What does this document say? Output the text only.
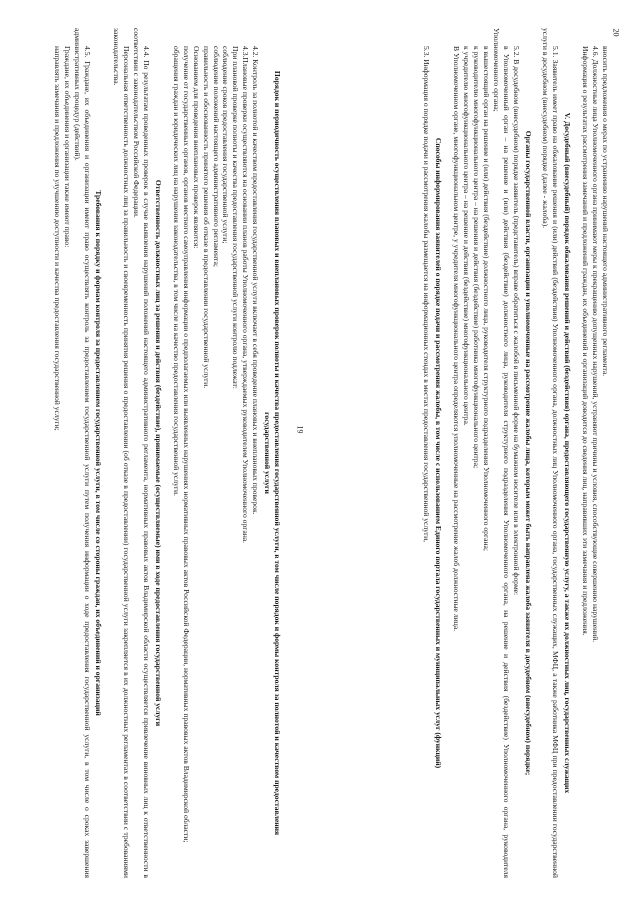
19
Порядок и периодичность осуществления плановых и внеплановых проверок полноты и качества предоставления государственной услуги, в том числе порядок и формы контроля за полнотой и качеством предоставления государственной услуги
4.2. Контроль за полнотой и качеством предоставления государственной услуги включает в себя проведение плановых и внеплановых проверок.
4.3.Плановые проверки осуществляются на основании планов работы Уполномоченного органа, утверждаемых руководителем Уполномоченного органа.
При плановой проверке полноты и качества предоставления государственной услуги контролю подлежат:
соблюдение сроков предоставления государственной услуги;
соблюдение положений настоящего административного регламента;
правильность и обоснованность принятого решения об отказе в предоставлении государственной услуги.
Основанием для проведения внеплановых проверок являются:
получение от государственных органов, органов местного самоуправления информации о предполагаемых или выявленных нарушениях нормативных правовых актов Российской Федерации, нормативных правовых актов Владимирской области;
обращения граждан и юридических лиц на нарушения законодательства, в том числе на качество предоставления государственной услуги.
Ответственность должностных лиц за решения и действия (бездействие), принимаемые (осуществляемые) ими в ходе предоставления государственной услуги
4.4. По результатам проведенных проверок в случае выявления нарушений положений настоящего административного регламента, нормативных правовых актов Владимирской области осуществляется привлечение виновных лиц к ответственности в соответствии с законодательством Российской Федерации.
Персональная ответственность должностных лиц за правильность и своевременность принятия решения о предоставлении (об отказе в предоставлении) государственной услуги закрепляется в их должностных регламентах в соответствии с требованиями законодательства.
Требования к порядку и формам контроля за предоставлением государственной услуги, в том числе со стороны граждан, их объединений и организаций
4.5. Граждане, их объединения и организации имеют право осуществлять контроль за предоставлением государственной услуги путем получения информации о ходе предоставления государственной услуги, в том числе о сроках завершения административных процедур (действий).
Граждане, их объединения и организации также имеют право:
направлять замечания и предложения по улучшению доступности и качества предоставления государственной услуги;
20
вносить предложения о мерах по устранению нарушений настоящего административного регламента.
4.6. Должностные лица Уполномоченного органа принимают меры к прекращению допущенных нарушений, устраняют причины и условия, способствующие совершению нарушений.
Информация о результатах рассмотрения замечаний и предложений граждан, их объединений и организаций доводится до сведения лиц, направивших эти замечания и предложения.
V. Досудебный (внесудебный) порядок обжалования решений и действий (бездействия) органа, предоставляющего государственную услугу, а также их должностных лиц, государственных служащих
5.1. Заявитель имеет право на обжалование решения и (или) действий (бездействия) Уполномоченного органа, должностных лиц Уполномоченного органа, государственных служащих, МФЦ, а также работника МФЦ при предоставлении государственной услуги в досудебном (внесудебном) порядке (далее - жалоба).
Органы государственной власти, организации и уполномоченные на рассмотрение жалобы лица, которым может быть направлена жалоба заявителя в досудебном (внесудебном) порядке;
5.2. В досудебном (внесудебном) порядке заявитель (представитель) вправе обратиться с жалобой в письменной форме на бумажном носителе или в электронной форме:
в Уполномоченный орган – на решение и (или) действия (бездействие) должностного лица, руководителя структурного подразделения Уполномоченного органа, на решение и действия (бездействие) Уполномоченного органа, руководителя Уполномоченного органа;
в вышестоящий орган на решение и (или) действия (бездействие) должностного лица, руководителя структурного подразделения Уполномоченного органа;
к руководителю многофункционального центра – на решения и действия (бездействие) работника многофункционального центра;
к учредителю многофункционального центра – на решение и действия (бездействие) многофункционального центра.
В Уполномоченном органе, многофункциональном центре, у учредителя многофункционального центра определяются уполномоченные на рассмотрение жалоб должностные лица.
Способы информирования заявителей о порядке подачи и рассмотрения жалобы, в том числе с использованием Единого портала государственных и муниципальных услуг (функций)
5.3. Информация о порядке подачи и рассмотрения жалобы размещается на информационных стендах в местах предоставления государственной услуги,
